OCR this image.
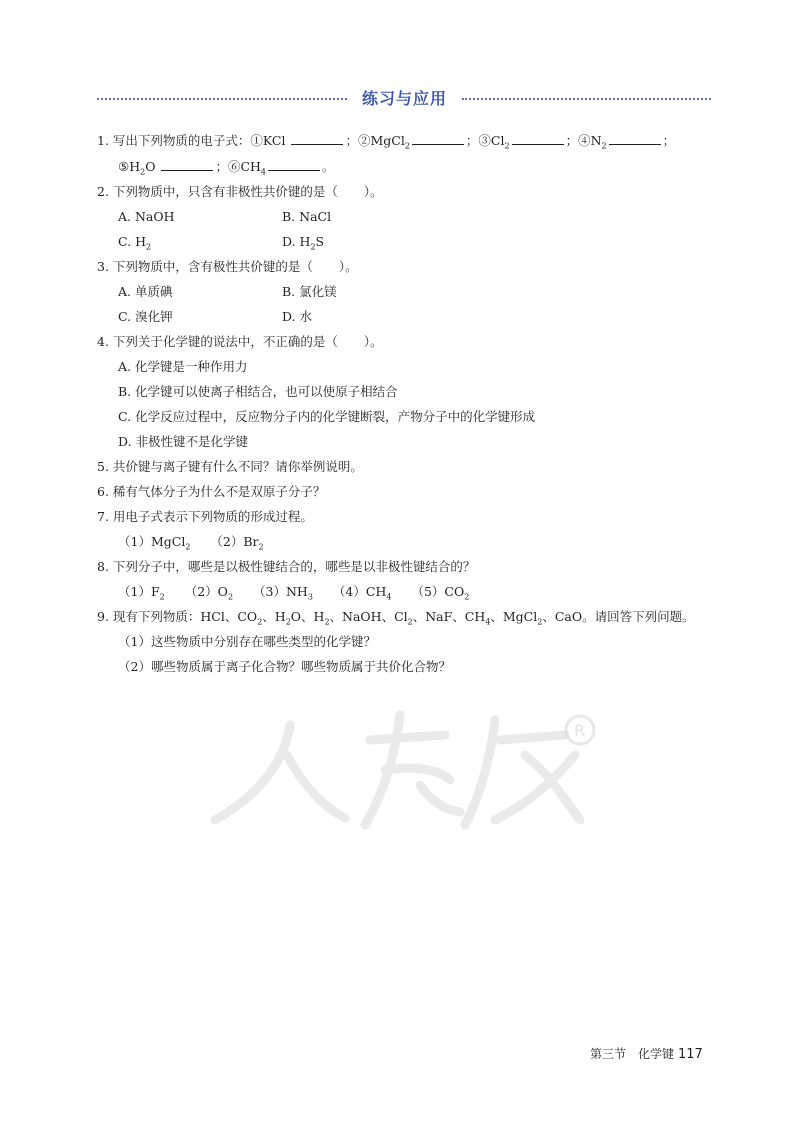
练习与应用
1. 写出下列物质的电子式：①KCl	；②MgCl$_2$	；$③Cl_2$	；$④N_2$	；
$⑤H_2O$	；$⑥CH_4$	。
2. 下列物质中，只含有非极性共价键的是（ ）。
A. NaOH	B. NaCl
C. $H_2$	D. $H_2S$
3. 下列物质中，含有极性共价键的是（ ）。
A. 单质碘	B. 氯化镁
C. 溴化钾	D. 水
4. 下列关于化学键的说法中，不正确的是（ ）。
A. 化学键是一种作用力
B. 化学键可以使离子相结合，也可以使原子相结合
C. 化学反应过程中，反应物分子内的化学键断裂，产物分子中的化学键形成
D. 非极性键不是化学键
5. 共价键与离子键有什么不同？请你举例说明。
6. 稀有气体分子为什么不是双原子分子？
7. 用电子式表示下列物质的形成过程。
（1）MgCl$_2$ $(2)Br_2$
8. 下列分子中，哪些是以极性键结合的，哪些是以非极性键结合的？
$(1)F_2$ $(2)O_2$ $(3)NH_3$ $(4)CH_4$ $(5)CO_2$
9. 现有下列物质：HCl、$CO_2$、$H_2O$、$H_2$、NaOH、$Cl_2$、NaF、$CH_4$、MgCl$_2$、CaO。请回答下列问题。
（1）这些物质中分别存在哪些类型的化学键？
（2）哪些物质属于离子化合物？哪些物质属于共价化合物？
R
第三节　化学键 117
